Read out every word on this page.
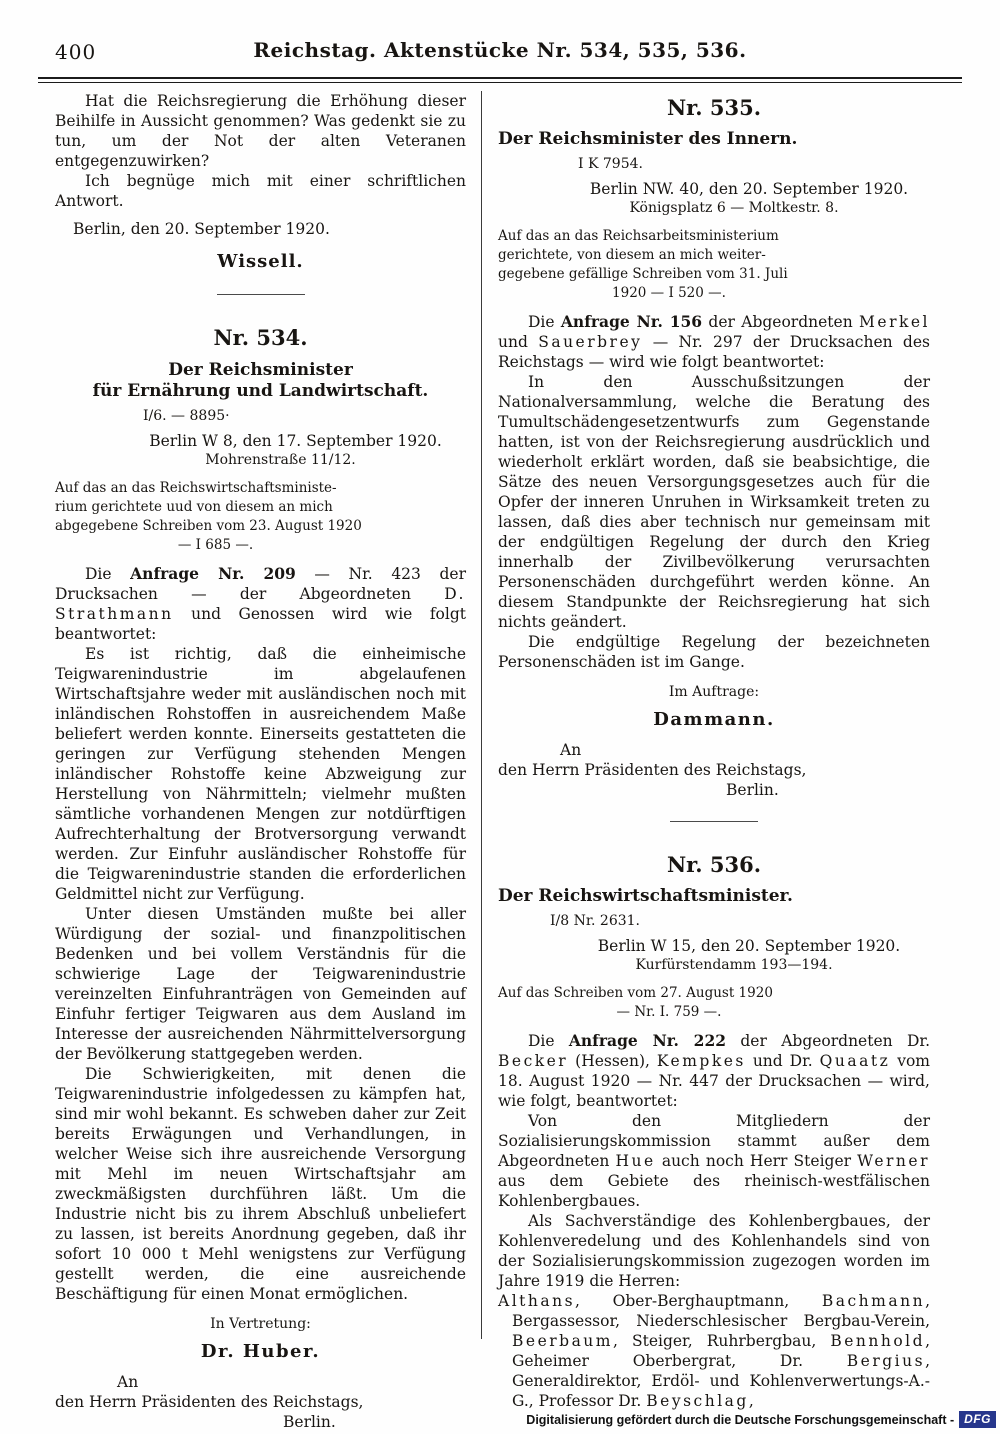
400	Reichstag. Aktenstücke Nr. 534, 535, 536.

Hat die Reichsregierung die Erhöhung dieser Beihilfe in Aussicht genommen? Was gedenkt sie zu tun, um der Not der alten Veteranen entgegenzuwirken?

Ich begnüge mich mit einer schriftlichen Antwort.

Berlin, den 20. September 1920.
Wissell.
Nr. 534.
Der Reichsminister
für Ernährung und Landwirtschaft.
I/6. — 8895·
Berlin W 8, den 17. September 1920.
Mohrenstraße 11/12.
Auf das an das Reichswirtschaftsministe-
rium gerichtete uud von diesem an mich
abgegebene Schreiben vom 23. August 1920
— I 685 —.

Die Anfrage Nr. 209 — Nr. 423 der Drucksachen — der Abgeordneten D. Strathmann und Genossen wird wie folgt beantwortet:

Es ist richtig, daß die einheimische Teigwarenindustrie im abgelaufenen Wirtschaftsjahre weder mit ausländischen noch mit inländischen Rohstoffen in ausreichendem Maße beliefert werden konnte. Einerseits gestatteten die geringen zur Verfügung stehenden Mengen inländischer Rohstoffe keine Abzweigung zur Herstellung von Nährmitteln; vielmehr mußten sämtliche vorhandenen Mengen zur notdürftigen Aufrechterhaltung der Brotversorgung verwandt werden. Zur Einfuhr ausländischer Rohstoffe für die Teigwarenindustrie standen die erforderlichen Geldmittel nicht zur Verfügung.

Unter diesen Umständen mußte bei aller Würdigung der sozial- und finanzpolitischen Bedenken und bei vollem Verständnis für die schwierige Lage der Teigwarenindustrie vereinzelten Einfuhranträgen von Gemeinden auf Einfuhr fertiger Teigwaren aus dem Ausland im Interesse der ausreichenden Nährmittelversorgung der Bevölkerung stattgegeben werden.

Die Schwierigkeiten, mit denen die Teigwarenindustrie infolgedessen zu kämpfen hat, sind mir wohl bekannt. Es schweben daher zur Zeit bereits Erwägungen und Verhandlungen, in welcher Weise sich ihre ausreichende Versorgung mit Mehl im neuen Wirtschaftsjahr am zweckmäßigsten durchführen läßt. Um die Industrie nicht bis zu ihrem Abschluß unbeliefert zu lassen, ist bereits Anordnung gegeben, daß ihr sofort 10 000 t Mehl wenigstens zur Verfügung gestellt werden, die eine ausreichende Beschäftigung für einen Monat ermöglichen.

In Vertretung:
Dr. Huber.
An
den Herrn Präsidenten des Reichstags,
Berlin.
Nr. 535.
Der Reichsminister des Innern.
I K 7954.
Berlin NW. 40, den 20. September 1920.
Königsplatz 6 — Moltkestr. 8.
Auf das an das Reichsarbeitsministerium
gerichtete, von diesem an mich weiter-
gegebene gefällige Schreiben vom 31. Juli
1920 — I 520 —.

Die Anfrage Nr. 156 der Abgeordneten Merkel und Sauerbrey — Nr. 297 der Drucksachen des Reichstags — wird wie folgt beantwortet:

In den Ausschußsitzungen der Nationalversammlung, welche die Beratung des Tumultschädengesetzentwurfs zum Gegenstande hatten, ist von der Reichsregierung ausdrücklich und wiederholt erklärt worden, daß sie beabsichtige, die Sätze des neuen Versorgungsgesetzes auch für die Opfer der inneren Unruhen in Wirksamkeit treten zu lassen, daß dies aber technisch nur gemeinsam mit der endgültigen Regelung der durch den Krieg innerhalb der Zivilbevölkerung verursachten Personenschäden durchgeführt werden könne. An diesem Standpunkte der Reichsregierung hat sich nichts geändert.

Die endgültige Regelung der bezeichneten Personenschäden ist im Gange.

Im Auftrage:
Dammann.
An
den Herrn Präsidenten des Reichstags,
Berlin.
Nr. 536.
Der Reichswirtschaftsminister.
I/8 Nr. 2631.
Berlin W 15, den 20. September 1920.
Kurfürstendamm 193—194.
Auf das Schreiben vom 27. August 1920
— Nr. I. 759 —.

Die Anfrage Nr. 222 der Abgeordneten Dr. Becker (Hessen), Kempkes und Dr. Quaatz vom 18. August 1920 — Nr. 447 der Drucksachen — wird, wie folgt, beantwortet:

Von den Mitgliedern der Sozialisierungskommission stammt außer dem Abgeordneten Hue auch noch Herr Steiger Werner aus dem Gebiete des rheinisch-westfälischen Kohlenbergbaues.

Als Sachverständige des Kohlenbergbaues, der Kohlenveredelung und des Kohlenhandels sind von der Sozialisierungskommission zugezogen worden im Jahre 1919 die Herren:

Althans, Ober-Berghauptmann, Bachmann, Bergassessor, Niederschlesischer Bergbau-Verein, Beerbaum, Steiger, Ruhrbergbau, Bennhold, Geheimer Oberbergrat, Dr. Bergius, Generaldirektor, Erdöl- und Kohlenverwertungs-A.-G., Professor Dr. Beyschlag,

Digitalisierung gefördert durch die Deutsche Forschungsgemeinschaft - DFG
